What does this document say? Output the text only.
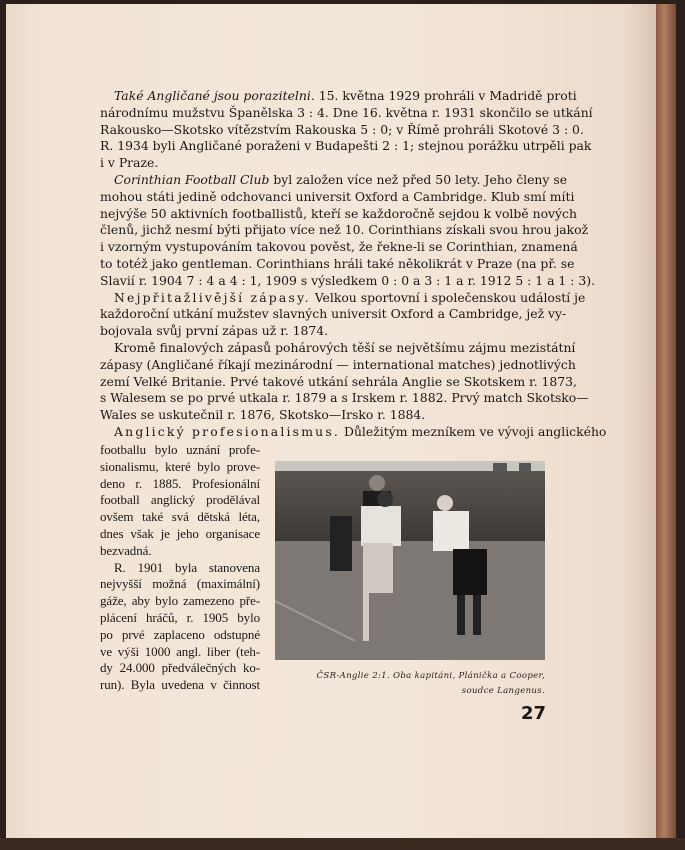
Také Angličané jsou porazitelni. 15. května 1929 prohráli v Madridě proti
národnímu mužstvu Španělska 3 : 4. Dne 16. května r. 1931 skončilo se utkání
Rakousko—Skotsko vítězstvím Rakouska 5 : 0; v Římě prohráli Skotové 3 : 0.
R. 1934 byli Angličané poraženi v Budapešti 2 : 1; stejnou porážku utrpěli pak
i v Praze.
Corinthian Football Club byl založen více než před 50 lety. Jeho členy se
mohou státi jedině odchovanci universit Oxford a Cambridge. Klub smí míti
nejvýše 50 aktivních footballistů, kteří se každoročně sejdou k volbě nových
členů, jichž nesmí býti přijato více než 10. Corinthians získali svou hrou jakož
i vzorným vystupováním takovou pověst, že řekne-li se Corinthian, znamená
to totéž jako gentleman. Corinthians hráli také několikrát v Praze (na př. se
Slavií r. 1904 7 : 4 a 4 : 1, 1909 s výsledkem 0 : 0 a 3 : 1 a r. 1912 5 : 1 a 1 : 3).
Nejpřitažlivější zápasy. Velkou sportovní i společenskou událostí je
každoroční utkání mužstev slavných universit Oxford a Cambridge, jež vy-
bojovala svůj první zápas už r. 1874.
Kromě finalových zápasů pohárových těší se největšímu zájmu mezistátní
zápasy (Angličané říkají mezinárodní — international matches) jednotlivých
zemí Velké Britanie. Prvé takové utkání sehrála Anglie se Skotskem r. 1873,
s Walesem se po prvé utkala r. 1879 a s Irskem r. 1882. Prvý match Skotsko—
Wales se uskutečnil r. 1876, Skotsko—Irsko r. 1884.
Anglický profesionalismus. Důležitým mezníkem ve vývoji anglického
footballu bylo uznání profe-
sionalismu, které bylo prove-
deno r. 1885. Profesionální
football anglický prodělával
ovšem také svá dětská léta,
dnes však je jeho organisace
bezvadná.
R. 1901 byla stanovena
nejvyšší možná (maximální)
gáže, aby bylo zamezeno pře-
plácení hráčů, r. 1905 bylo
po prvé zaplaceno odstupné
ve výši 1000 angl. liber (teh-
dy 24.000 předválečných ko-
run). Byla uvedena v činnost
ČSR-Anglie 2:1. Oba kapitáni, Plánička a Cooper,
soudce Langenus.
27
